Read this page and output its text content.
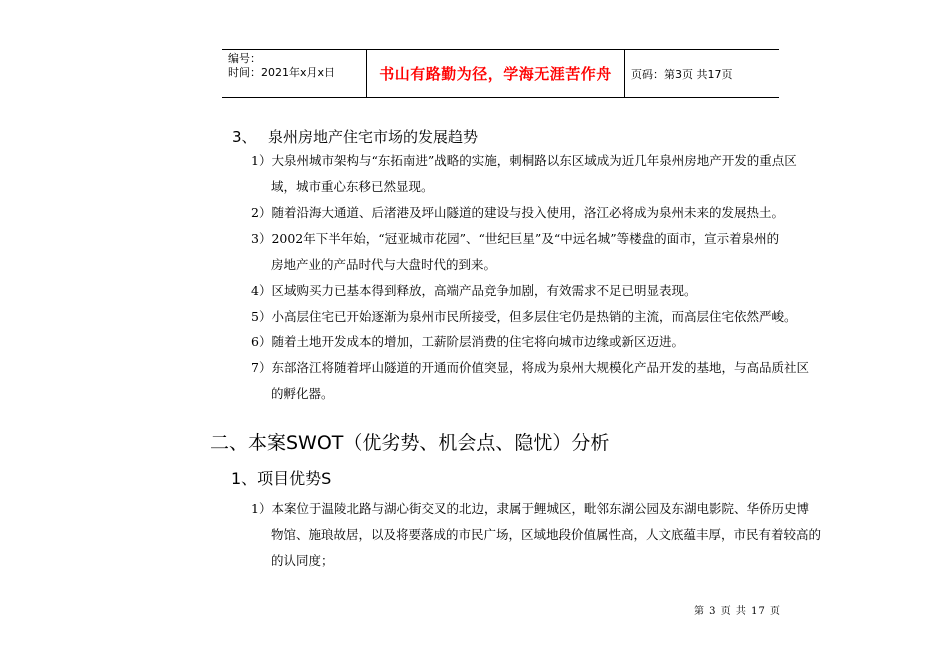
编号：
时间：2021年x月x日	书山有路勤为径，学海无涯苦作舟	页码：第3页 共17页
3、 泉州房地产住宅市场的发展趋势
1）大泉州城市架构与“东拓南进”战略的实施，刺桐路以东区域成为近几年泉州房地产开发的重点区
域，城市重心东移已然显现。
2）随着沿海大通道、后渚港及坪山隧道的建设与投入使用，洛江必将成为泉州未来的发展热土。
3）2002年下半年始，“冠亚城市花园”、“世纪巨星”及“中远名城”等楼盘的面市，宣示着泉州的
房地产业的产品时代与大盘时代的到来。
4）区域购买力已基本得到释放，高端产品竞争加剧，有效需求不足已明显表现。
5）小高层住宅已开始逐渐为泉州市民所接受，但多层住宅仍是热销的主流，而高层住宅依然严峻。
6）随着土地开发成本的增加，工薪阶层消费的住宅将向城市边缘或新区迈进。
7）东部洛江将随着坪山隧道的开通而价值突显，将成为泉州大规模化产品开发的基地，与高品质社区
的孵化器。
二、本案SWOT（优劣势、机会点、隐忧）分析
1、项目优势S
1）本案位于温陵北路与湖心街交叉的北边，隶属于鲤城区，毗邻东湖公园及东湖电影院、华侨历史博
物馆、施琅故居，以及将要落成的市民广场，区域地段价值属性高，人文底蕴丰厚，市民有着较高的
的认同度；
第 3 页 共 17 页
